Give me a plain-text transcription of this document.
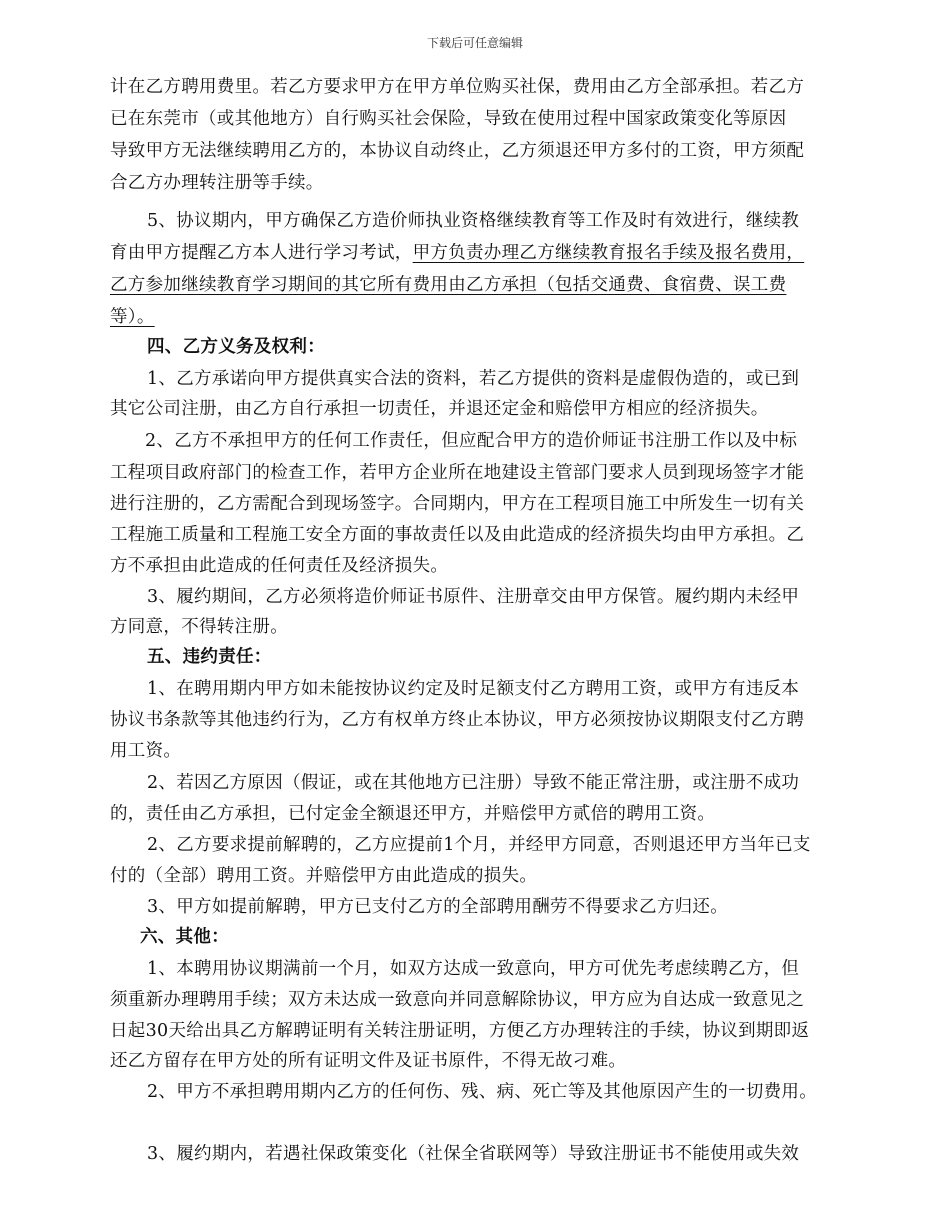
下载后可任意编辑
计在乙方聘用费里。若乙方要求甲方在甲方单位购买社保，费用由乙方全部承担。若乙方
已在东莞市（或其他地方）自行购买社会保险，导致在使用过程中国家政策变化等原因
导致甲方无法继续聘用乙方的，本协议自动终止，乙方须退还甲方多付的工资，甲方须配
合乙方办理转注册等手续。
5、协议期内，甲方确保乙方造价师执业资格继续教育等工作及时有效进行，继续教
育由甲方提醒乙方本人进行学习考试，甲方负责办理乙方继续教育报名手续及报名费用，
乙方参加继续教育学习期间的其它所有费用由乙方承担（包括交通费、食宿费、误工费
等）。
四、乙方义务及权利：
1、乙方承诺向甲方提供真实合法的资料，若乙方提供的资料是虚假伪造的，或已到
其它公司注册，由乙方自行承担一切责任，并退还定金和赔偿甲方相应的经济损失。
2、乙方不承担甲方的任何工作责任，但应配合甲方的造价师证书注册工作以及中标
工程项目政府部门的检查工作，若甲方企业所在地建设主管部门要求人员到现场签字才能
进行注册的，乙方需配合到现场签字。合同期内，甲方在工程项目施工中所发生一切有关
工程施工质量和工程施工安全方面的事故责任以及由此造成的经济损失均由甲方承担。乙
方不承担由此造成的任何责任及经济损失。
3、履约期间，乙方必须将造价师证书原件、注册章交由甲方保管。履约期内未经甲
方同意，不得转注册。
五、违约责任：
1、在聘用期内甲方如未能按协议约定及时足额支付乙方聘用工资，或甲方有违反本
协议书条款等其他违约行为，乙方有权单方终止本协议，甲方必须按协议期限支付乙方聘
用工资。
2、若因乙方原因（假证，或在其他地方已注册）导致不能正常注册，或注册不成功
的，责任由乙方承担，已付定金全额退还甲方，并赔偿甲方贰倍的聘用工资。
2、乙方要求提前解聘的，乙方应提前1个月，并经甲方同意，否则退还甲方当年已支
付的（全部）聘用工资。并赔偿甲方由此造成的损失。
3、甲方如提前解聘，甲方已支付乙方的全部聘用酬劳不得要求乙方归还。
六、其他：
1、本聘用协议期满前一个月，如双方达成一致意向，甲方可优先考虑续聘乙方，但
须重新办理聘用手续；双方未达成一致意向并同意解除协议，甲方应为自达成一致意见之
日起30天给出具乙方解聘证明有关转注册证明，方便乙方办理转注的手续，协议到期即返
还乙方留存在甲方处的所有证明文件及证书原件，不得无故刁难。
2、甲方不承担聘用期内乙方的任何伤、残、病、死亡等及其他原因产生的一切费用。
3、履约期内，若遇社保政策变化（社保全省联网等）导致注册证书不能使用或失效
